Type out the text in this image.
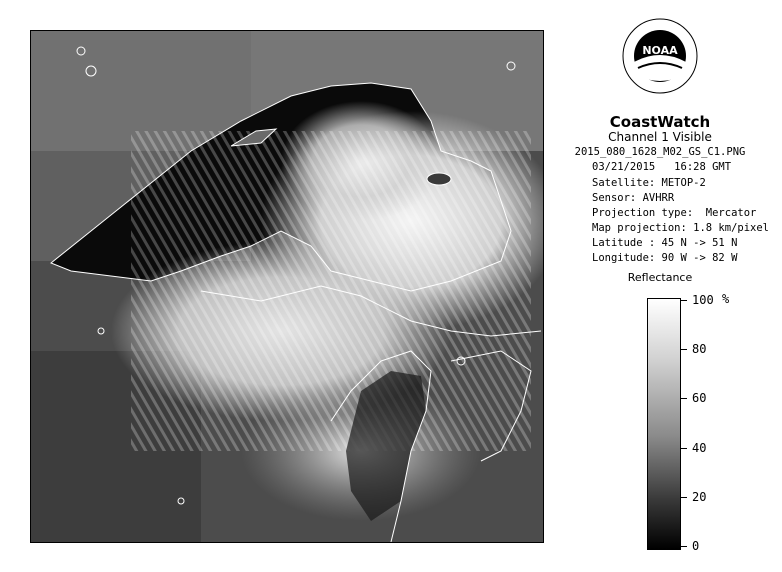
NOAA
CoastWatch
Channel 1 Visible
2015_080_1628_M02_GS_C1.PNG
03/21/2015   16:28 GMT
Satellite: METOP-2
Sensor: AVHRR
Projection type:  Mercator
Map projection: 1.8 km/pixel
Latitude : 45 N -> 51 N
Longitude: 90 W -> 82 W
Reflectance
%
100
80
60
40
20
0
